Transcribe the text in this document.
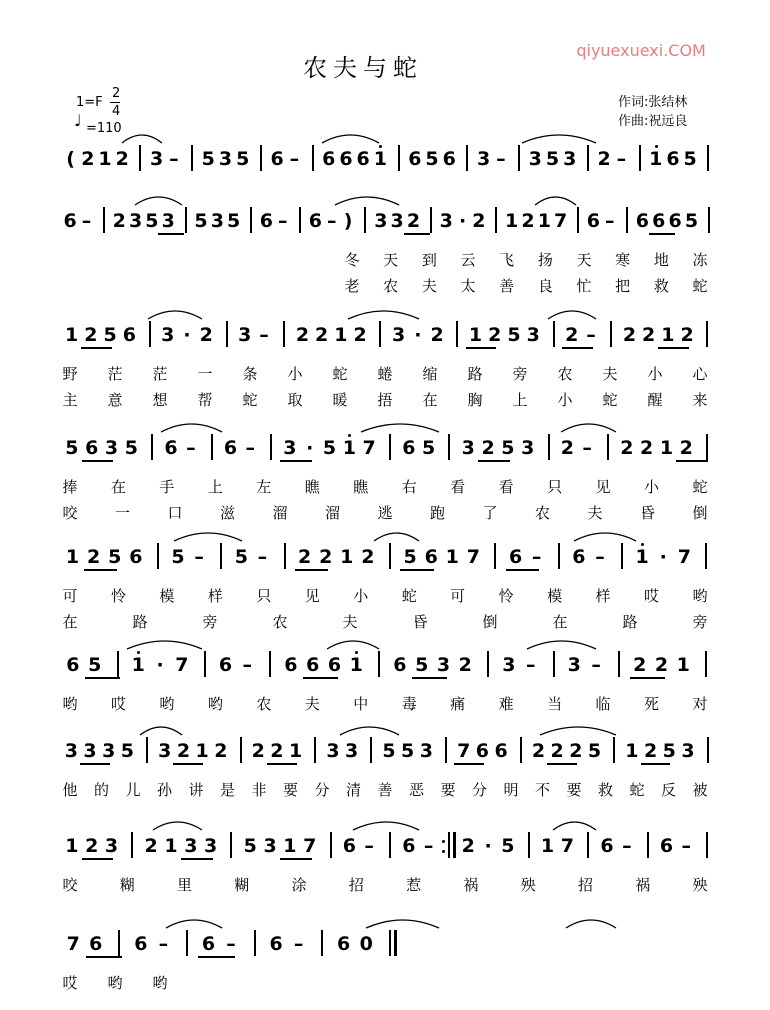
qiyuexuexi.COM

农夫与蛇
1=F
2
4
♩ =110
作词:张结林
作曲:祝远良
( 2 1 2 3 – 5 3 5 6 – 6 6 6 1 6 5 6 3 – 3 5 3 2 – 1 6 5
6 – 2 3 5 3 5 3 5 6 – 6 – ) 3 3 2 3 · 2 1 2 1 7 6 – 6 6 6 5
冬 天 到 云 飞 扬 天 寒 地 冻
老 农 夫 太 善 良 忙 把 救 蛇
1 2 5 6 3 · 2 3 – 2 2 1 2 3 · 2 1 2 5 3 2 – 2 2 1 2
野 茫 茫 一 条 小 蛇 蜷 缩 路 旁 农 夫 小 心
主 意 想 帮 蛇 取 暖 捂 在 胸 上 小 蛇 醒 来
5 6 3 5 6 – 6 – 3 · 5 1 7 6 5 3 2 5 3 2 – 2 2 1 2
捧 在 手 上 左 瞧 瞧 右 看 看 只 见 小 蛇
咬 一 口 滋 溜 溜 逃 跑 了 农 夫 昏 倒
1 2 5 6 5 – 5 – 2 2 1 2 5 6 1 7 6 – 6 – 1 · 7
可 怜 模 样 只 见 小 蛇 可 怜 模 样 哎 哟
在	路	旁	农	夫	昏	倒	在	路	旁
6 5 1 · 7 6 – 6 6 6 1 6 5 3 2 3 – 3 – 2 2 1
哟 哎 哟 哟 农 夫 中 毒 痛 难 当 临 死 对
3 3 3 5 3 2 1 2 2 2 1 3 3 5 5 3 7 6 6 2 2 2 5 1 2 5 3
他 的 儿 孙 讲 是 非 要 分 清 善 恶 要 分 明 不 要 救 蛇 反 被
1 2 3 2 1 3 3 5 3 1 7 6 – 6 – 2 · 5 1 7 6 – 6 –
咬	糊	里	糊	涂	招	惹	祸	殃	招	祸	殃
7 6 6 – 6 – 6 – 6 0
哎 哟 哟
